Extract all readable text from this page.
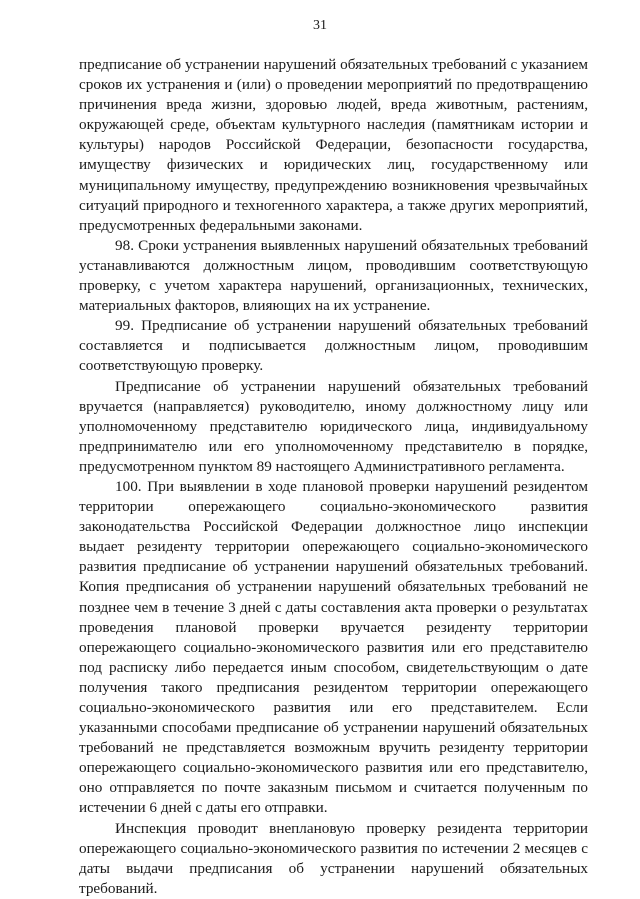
31

предписание об устранении нарушений обязательных требований с указанием сроков их устранения и (или) о проведении мероприятий по предотвращению причинения вреда жизни, здоровью людей, вреда животным, растениям, окружающей среде, объектам культурного наследия (памятникам истории и культуры) народов Российской Федерации, безопасности государства, имуществу физических и юридических лиц, государственному или муниципальному имуществу, предупреждению возникновения чрезвычайных ситуаций природного и техногенного характера, а также других мероприятий, предусмотренных федеральными законами.

98. Сроки устранения выявленных нарушений обязательных требований устанавливаются должностным лицом, проводившим соответствующую проверку, с учетом характера нарушений, организационных, технических, материальных факторов, влияющих на их устранение.

99. Предписание об устранении нарушений обязательных требований составляется и подписывается должностным лицом, проводившим соответствующую проверку.

Предписание об устранении нарушений обязательных требований вручается (направляется) руководителю, иному должностному лицу или уполномоченному представителю юридического лица, индивидуальному предпринимателю или его уполномоченному представителю в порядке, предусмотренном пунктом 89 настоящего Административного регламента.

100. При выявлении в ходе плановой проверки нарушений резидентом территории опережающего социально-экономического развития законодательства Российской Федерации должностное лицо инспекции выдает резиденту территории опережающего социально-экономического развития предписание об устранении нарушений обязательных требований. Копия предписания об устранении нарушений обязательных требований не позднее чем в течение 3 дней с даты составления акта проверки о результатах проведения плановой проверки вручается резиденту территории опережающего социально-экономического развития или его представителю под расписку либо передается иным способом, свидетельствующим о дате получения такого предписания резидентом территории опережающего социально-экономического развития или его представителем. Если указанными способами предписание об устранении нарушений обязательных требований не представляется возможным вручить резиденту территории опережающего социально-экономического развития или его представителю, оно отправляется по почте заказным письмом и считается полученным по истечении 6 дней с даты его отправки.

Инспекция проводит внеплановую проверку резидента территории опережающего социально-экономического развития по истечении 2 месяцев с даты выдачи предписания об устранении нарушений обязательных требований.
